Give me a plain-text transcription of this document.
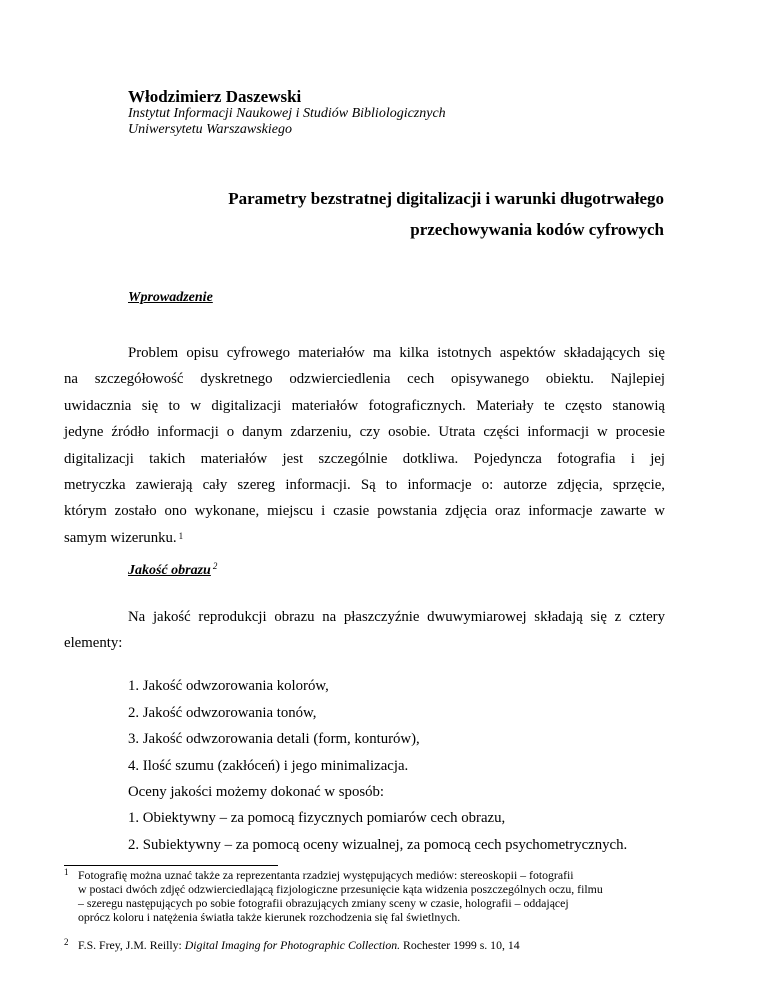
Włodzimierz Daszewski
Instytut Informacji Naukowej i Studiów Bibliologicznych
Uniwersytetu Warszawskiego
Parametry bezstratnej digitalizacji i warunki długotrwałego
przechowywania kodów cyfrowych
Wprowadzenie
Problem opisu cyfrowego materiałów ma kilka istotnych aspektów składających się
na szczegółowość dyskretnego odzwierciedlenia cech opisywanego obiektu. Najlepiej
uwidacznia się to w digitalizacji materiałów fotograficznych. Materiały te często stanowią
jedyne źródło informacji o danym zdarzeniu, czy osobie. Utrata części informacji w procesie
digitalizacji takich materiałów jest szczególnie dotkliwa. Pojedyncza fotografia i jej
metryczka zawierają cały szereg informacji. Są to informacje o: autorze zdjęcia, sprzęcie,
którym zostało ono wykonane, miejscu i czasie powstania zdjęcia oraz informacje zawarte w
samym wizerunku. $^1$
Jakość obrazu $^2$
Na jakość reprodukcji obrazu na płaszczyźnie dwuwymiarowej składają się z cztery
elementy:
1. Jakość odwzorowania kolorów,
2. Jakość odwzorowania tonów,
3. Jakość odwzorowania detali (form, konturów),
4. Ilość szumu (zakłóceń) i jego minimalizacja.
Oceny jakości możemy dokonać w sposób:
1. Obiektywny – za pomocą fizycznych pomiarów cech obrazu,
2. Subiektywny – za pomocą oceny wizualnej, za pomocą cech psychometrycznych.
1 Fotografię można uznać także za reprezentanta rzadziej występujących mediów: stereoskopii – fotografii
w postaci dwóch zdjęć odzwierciedlającą fizjologiczne przesunięcie kąta widzenia poszczególnych oczu, filmu
– szeregu następujących po sobie fotografii obrazujących zmiany sceny w czasie, holografii – oddającej
oprócz koloru i natężenia światła także kierunek rozchodzenia się fal świetlnych.
2 F.S. Frey, J.M. Reilly: Digital Imaging for Photographic Collection. Rochester 1999 s. 10, 14
